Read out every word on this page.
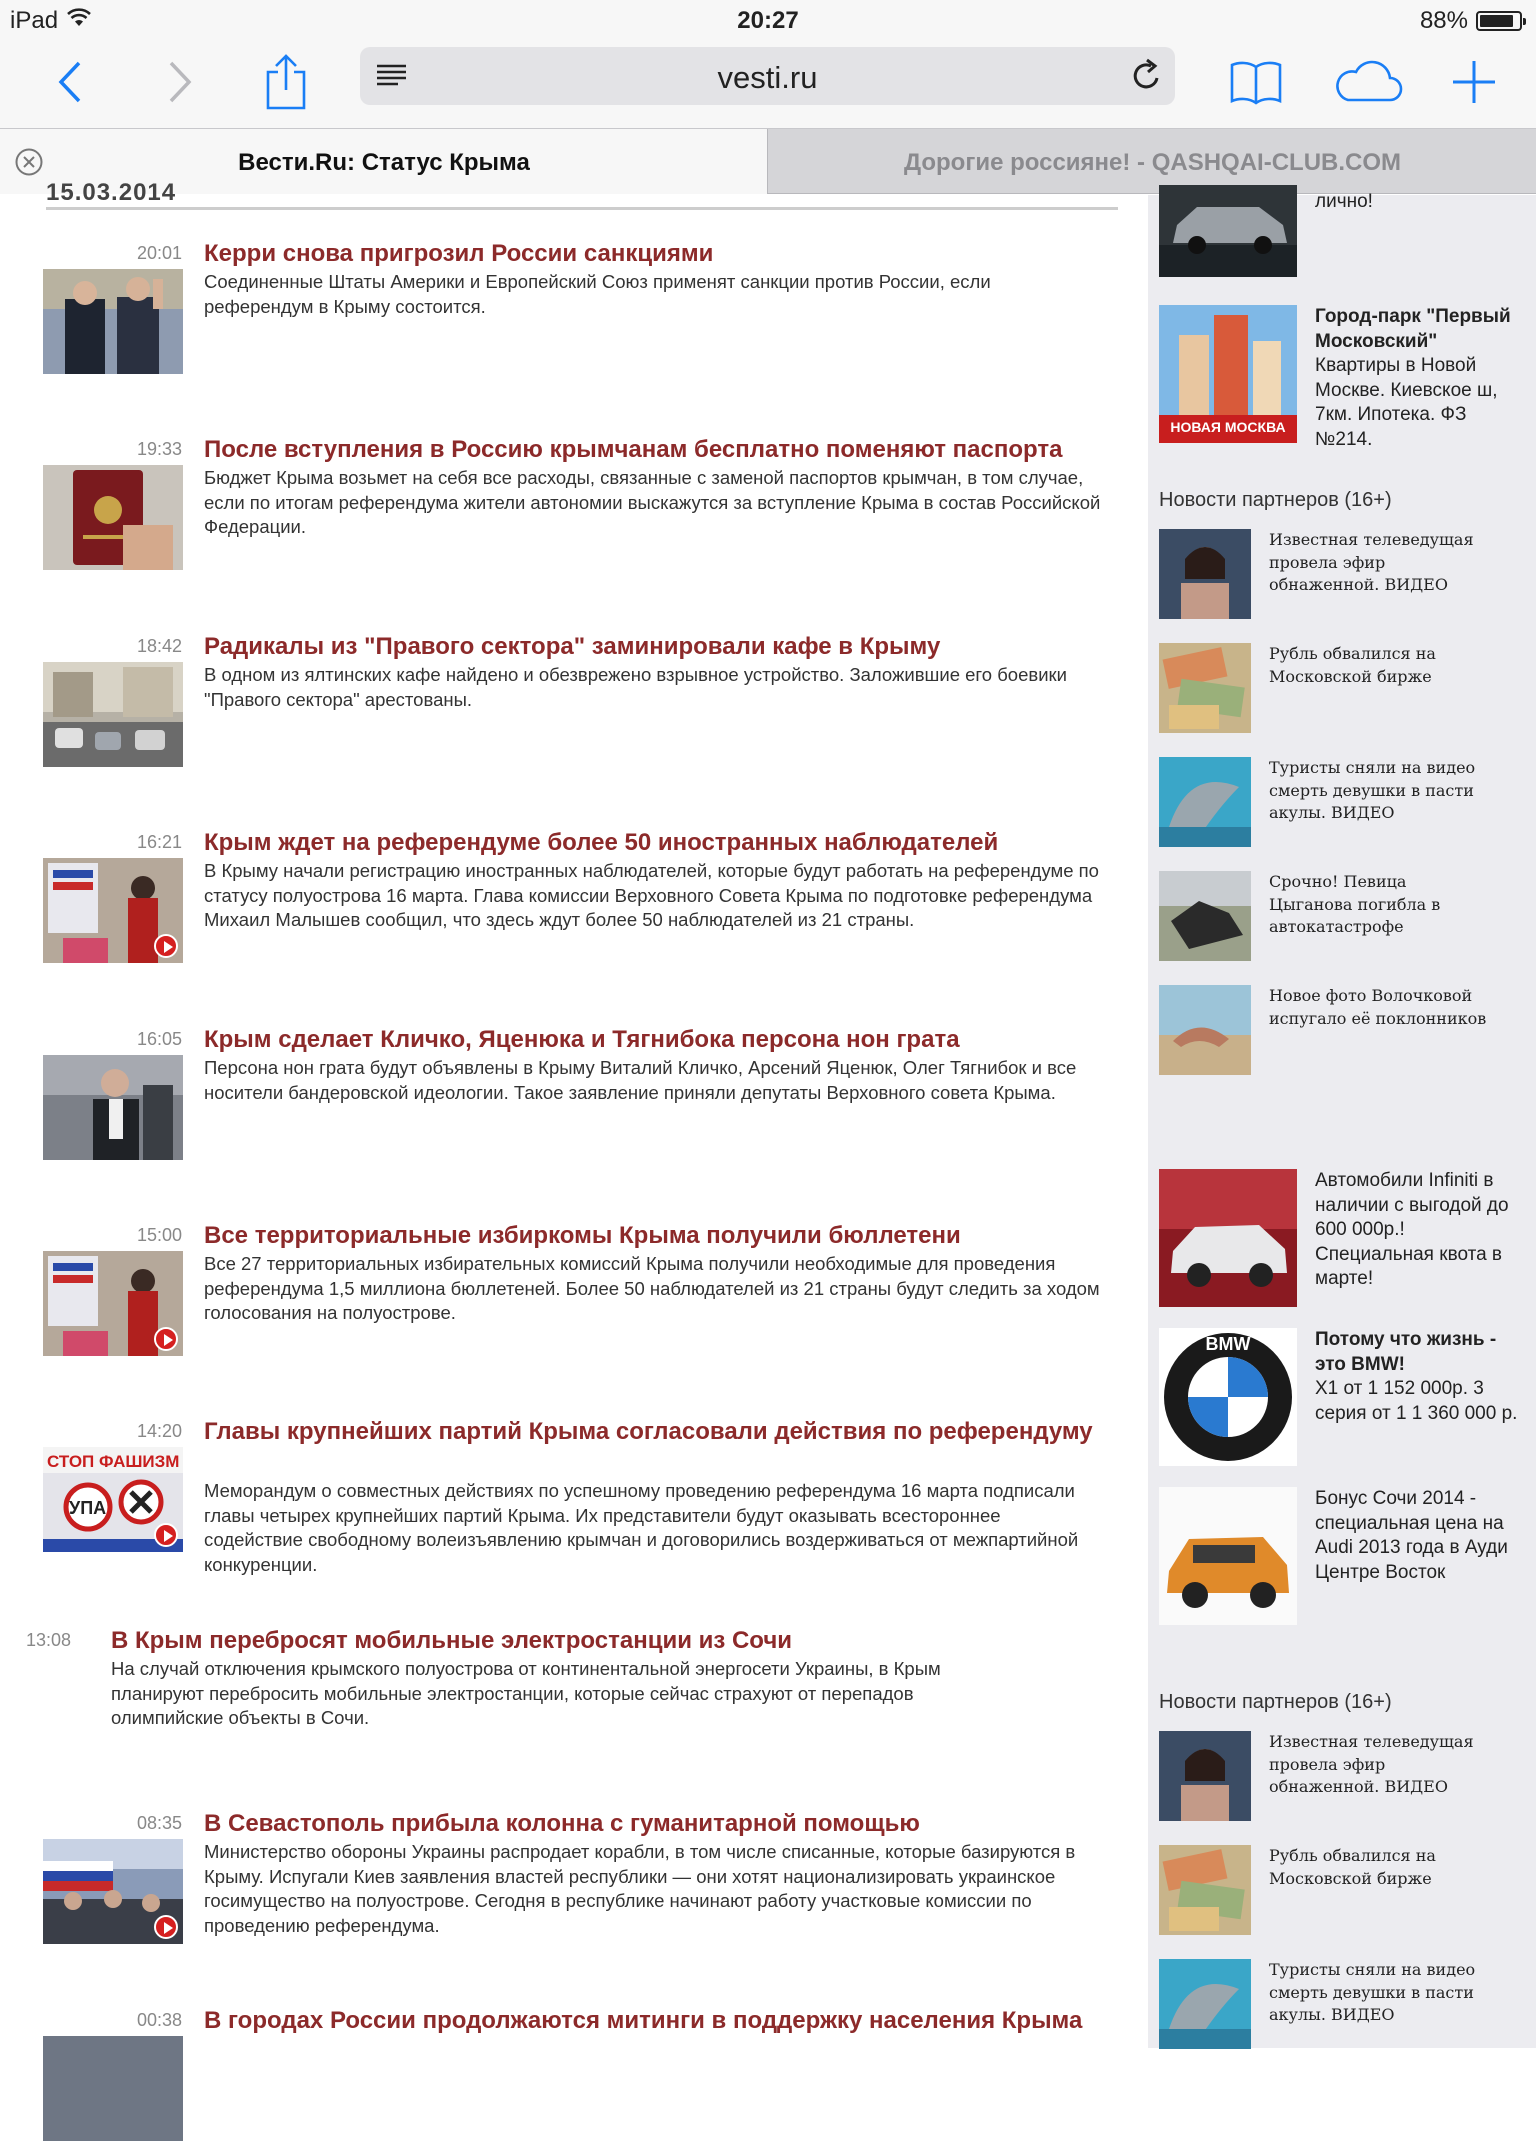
iPad	20:27	88%
vesti.ru
Вести.Ru: Статус Крыма	Дорогие россияне! - QASHQAI-CLUB.COM
15.03.2014
20:01 Керри снова пригрозил России санкциями
Соединенные Штаты Америки и Европейский Союз применят санкции против России, если референдум в Крыму состоится.
19:33 После вступления в Россию крымчанам бесплатно поменяют паспорта
Бюджет Крыма возьмет на себя все расходы, связанные с заменой паспортов крымчан, в том случае, если по итогам референдума жители автономии выскажутся за вступление Крыма в состав Российской Федерации.
18:42 Радикалы из "Правого сектора" заминировали кафе в Крыму
В одном из ялтинских кафе найдено и обезврежено взрывное устройство. Заложившие его боевики "Правого сектора" арестованы.
16:21 Крым ждет на референдуме более 50 иностранных наблюдателей
В Крыму начали регистрацию иностранных наблюдателей, которые будут работать на референдуме по статусу полуострова 16 марта. Глава комиссии Верховного Совета Крыма по подготовке референдума Михаил Малышев сообщил, что здесь ждут более 50 наблюдателей из 21 страны.
16:05 Крым сделает Кличко, Яценюка и Тягнибока персона нон грата
Персона нон грата будут объявлены в Крыму Виталий Кличко, Арсений Яценюк, Олег Тягнибок и все носители бандеровской идеологии. Такое заявление приняли депутаты Верховного совета Крыма.
15:00 Все территориальные избиркомы Крыма получили бюллетени
Все 27 территориальных избирательных комиссий Крыма получили необходимые для проведения референдума 1,5 миллиона бюллетеней. Более 50 наблюдателей из 21 страны будут следить за ходом голосования на полуострове.
14:20
СТОП ФАШИЗМ
УПА
Главы крупнейших партий Крыма согласовали действия по референдуму
Меморандум о совместных действиях по успешному проведению референдума 16 марта подписали главы четырех крупнейших партий Крыма. Их представители будут оказывать всестороннее содействие свободному волеизъявлению крымчан и договорились воздерживаться от межпартийной конкуренции.
13:08	В Крым перебросят мобильные электростанции из Сочи
На случай отключения крымского полуострова от континентальной энергосети Украины, в Крым планируют перебросить мобильные электростанции, которые сейчас страхуют от перепадов олимпийские объекты в Сочи.
08:35 В Севастополь прибыла колонна с гуманитарной помощью
Министерство обороны Украины распродает корабли, в том числе списанные, которые базируются в Крыму. Испугали Киев заявления властей республики — они хотят национализировать украинское госимущество на полуострове. Сегодня в республике начинают работу участковые комиссии по проведению референдума.
00:38 В городах России продолжаются митинги в поддержку населения Крыма
лично!
НОВАЯ МОСКВА
Город-парк "Первый Московский"
Квартиры в Новой Москве. Киевское ш, 7км. Ипотека. ФЗ №214.
Новости партнеров (16+)
Известная телеведущая провела эфир обнаженной. ВИДЕО
Рубль обвалился на Московской бирже
Туристы сняли на видео смерть девушки в пасти акулы. ВИДЕО
Срочно! Певица Цыганова погибла в автокатастрофе
Новое фото Волочковой испугало её поклонников
Автомобили Infiniti в наличии с выгодой до 600 000р.! Специальная квота в марте!
BMW	Потому что жизнь - это BMW!
X1 от 1 152 000р. 3 серия от 1 1 360 000 р.
Бонус Сочи 2014 - специальная цена на Audi 2013 года в Ауди Центре Восток
Новости партнеров (16+)
Известная телеведущая провела эфир обнаженной. ВИДЕО
Рубль обвалился на Московской бирже
Туристы сняли на видео смерть девушки в пасти акулы. ВИДЕО
